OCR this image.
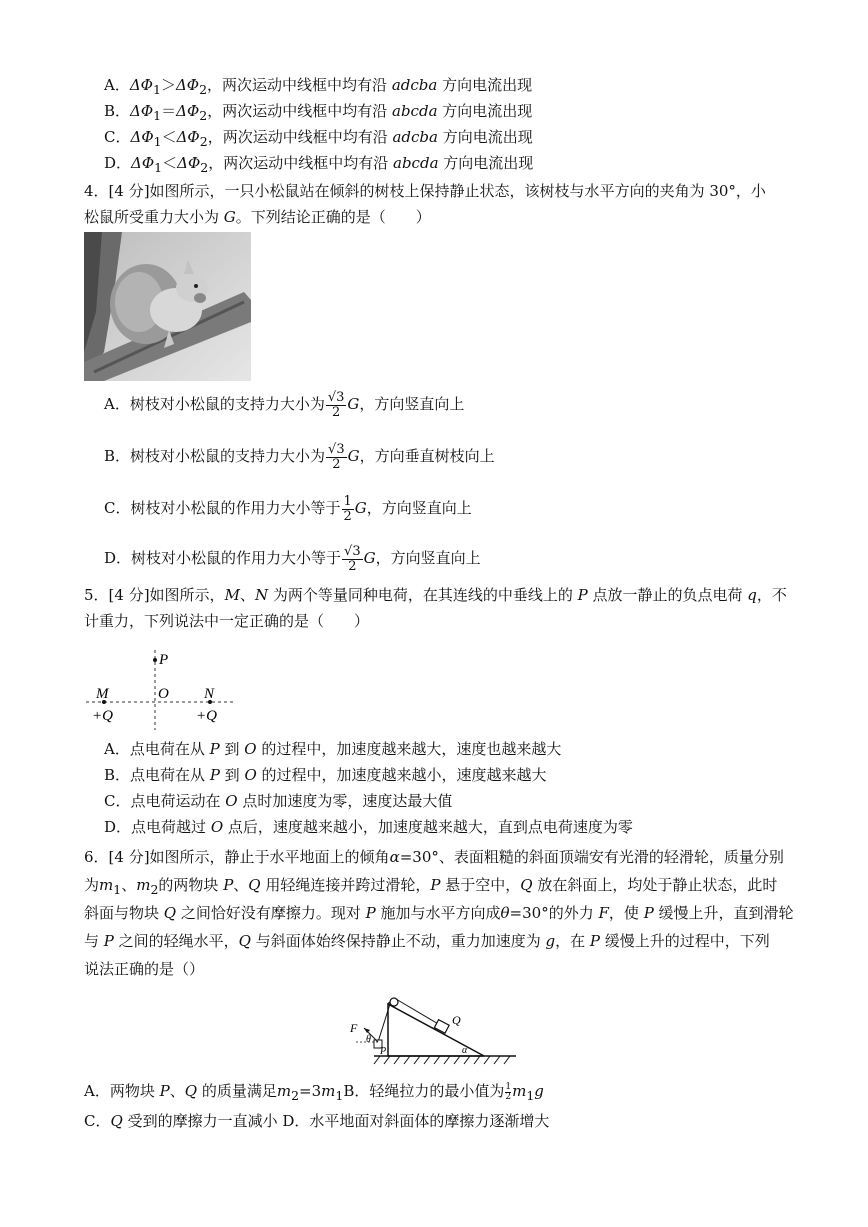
A．$\Delta\Phi_1>\Delta\Phi_2$，两次运动中线框中均有沿 adcba 方向电流出现
B．$\Delta\Phi_1=\Delta\Phi_2$，两次运动中线框中均有沿 abcda 方向电流出现
C．$\Delta\Phi_1<\Delta\Phi_2$，两次运动中线框中均有沿 adcba 方向电流出现
D．$\Delta\Phi_1<\Delta\Phi_2$，两次运动中线框中均有沿 abcda 方向电流出现
4．[4 分]如图所示，一只小松鼠站在倾斜的树枝上保持静止状态，该树枝与水平方向的夹角为 30°，小
松鼠所受重力大小为 G。下列结论正确的是（　　）
A．树枝对小松鼠的支持力大小为 $\frac{√3}{2}$ G，方向竖直向上
B．树枝对小松鼠的支持力大小为 $\frac{√3}{2}$ G，方向垂直树枝向上
C．树枝对小松鼠的作用力大小等于 $\frac{1}{2}$ G，方向竖直向上
D．树枝对小松鼠的作用力大小等于 $\frac{√3}{2}$ G，方向竖直向上
5．[4 分]如图所示，M、N 为两个等量同种电荷，在其连线的中垂线上的 P 点放一静止的负点电荷 q，不
计重力，下列说法中一定正确的是（　　）
P
O
M	N
+Q	+Q
A．点电荷在从 P 到 O 的过程中，加速度越来越大，速度也越来越大
B．点电荷在从 P 到 O 的过程中，加速度越来越小，速度越来越大
C．点电荷运动在 O 点时加速度为零，速度达最大值
D．点电荷越过 O 点后，速度越来越小，加速度越来越大，直到点电荷速度为零
6．[4 分]如图所示，静止于水平地面上的倾角α=30°、表面粗糙的斜面顶端安有光滑的轻滑轮，质量分别
为$m_1$、$m_2$的两物块 P、Q 用轻绳连接并跨过滑轮，P 悬于空中，Q 放在斜面上，均处于静止状态，此时
斜面与物块 Q 之间恰好没有摩擦力。现对 P 施加与水平方向成θ=30°的外力 F，使 P 缓慢上升，直到滑轮
与 P 之间的轻绳水平，Q 与斜面体始终保持静止不动，重力加速度为 g，在 P 缓慢上升的过程中，下列
说法正确的是（）
Q
F
θ
P	α
A．两物块 P、Q 的质量满足$m_2=3m_1B$．轻绳拉力的最小值为 $\frac{1}{2} m_1g$
C．Q 受到的摩擦力一直减小 D．水平地面对斜面体的摩擦力逐渐增大
